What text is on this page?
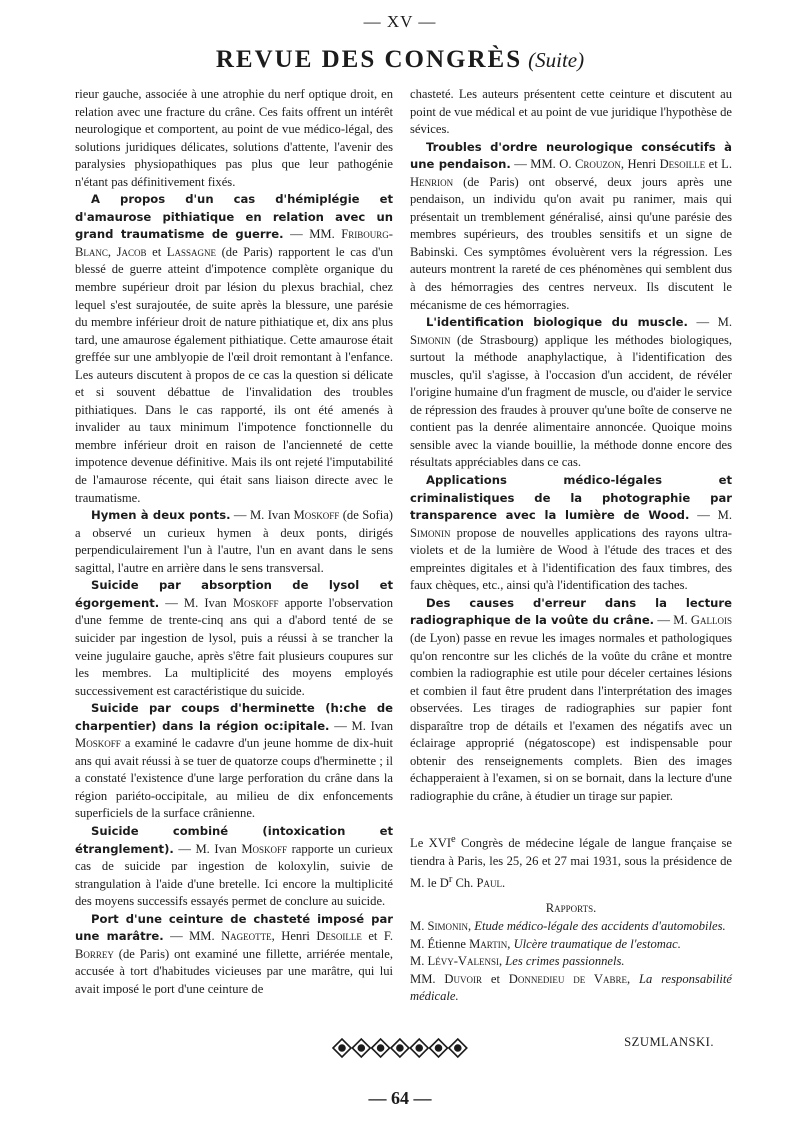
— XV —
REVUE DES CONGRÈS (Suite)

rieur gauche, associée à une atrophie du nerf optique droit, en relation avec une fracture du crâne. Ces faits offrent un intérêt neurologique et comportent, au point de vue médico-légal, des solutions juridiques délicates, solutions d'attente, l'avenir des paralysies physiopathiques pas plus que leur pathogénie n'étant pas définitivement fixés.

A propos d'un cas d'hémiplégie et d'amaurose pithiatique en relation avec un grand traumatisme de guerre. — MM. Fribourg-Blanc, Jacob et Lassagne (de Paris) rapportent le cas d'un blessé de guerre atteint d'impotence complète organique du membre supérieur droit par lésion du plexus brachial, chez lequel s'est surajoutée, de suite après la blessure, une parésie du membre inférieur droit de nature pithiatique et, dix ans plus tard, une amaurose également pithiatique. Cette amaurose était greffée sur une amblyopie de l'œil droit remontant à l'enfance. Les auteurs discutent à propos de ce cas la question si délicate et si souvent débattue de l'invalidation des troubles pithiatiques. Dans le cas rapporté, ils ont été amenés à invalider au taux minimum l'impotence fonctionnelle du membre inférieur droit en raison de l'ancienneté de cette impotence devenue définitive. Mais ils ont rejeté l'imputabilité de l'amaurose récente, qui était sans liaison directe avec le traumatisme.

Hymen à deux ponts. — M. Ivan Moskoff (de Sofia) a observé un curieux hymen à deux ponts, dirigés perpendiculairement l'un à l'autre, l'un en avant dans le sens sagittal, l'autre en arrière dans le sens transversal.

Suicide par absorption de lysol et égorgement. — M. Ivan Moskoff apporte l'observation d'une femme de trente-cinq ans qui a d'abord tenté de se suicider par ingestion de lysol, puis a réussi à se trancher la veine jugulaire gauche, après s'être fait plusieurs coupures sur les membres. La multiplicité des moyens employés successivement est caractéristique du suicide.

Suicide par coups d'herminette (h:che de charpentier) dans la région oc:ipitale. — M. Ivan Moskoff a examiné le cadavre d'un jeune homme de dix-huit ans qui avait réussi à se tuer de quatorze coups d'herminette ; il a constaté l'existence d'une large perforation du crâne dans la région pariéto-occipitale, au milieu de dix enfoncements superficiels de la surface crânienne.

Suicide combiné (intoxication et étranglement). — M. Ivan Moskoff rapporte un curieux cas de suicide par ingestion de koloxylin, suivie de strangulation à l'aide d'une bretelle. Ici encore la multiplicité des moyens successifs essayés permet de conclure au suicide.

Port d'une ceinture de chasteté imposé par une marâtre. — MM. Nageotte, Henri Desoille et F. Borrey (de Paris) ont examiné une fillette, arriérée mentale, accusée à tort d'habitudes vicieuses par une marâtre, qui lui avait imposé le port d'une ceinture de

chasteté. Les auteurs présentent cette ceinture et discutent au point de vue médical et au point de vue juridique l'hypothèse de sévices.

Troubles d'ordre neurologique consécutifs à une pendaison. — MM. O. Crouzon, Henri Desoille et L. Henrion (de Paris) ont observé, deux jours après une pendaison, un individu qu'on avait pu ranimer, mais qui présentait un tremblement généralisé, ainsi qu'une parésie des membres supérieurs, des troubles sensitifs et un signe de Babinski. Ces symptômes évoluèrent vers la régression. Les auteurs montrent la rareté de ces phénomènes qui semblent dus à des hémorragies des centres nerveux. Ils discutent le mécanisme de ces hémorragies.

L'identification biologique du muscle. — M. Simonin (de Strasbourg) applique les méthodes biologiques, surtout la méthode anaphylactique, à l'identification des muscles, qu'il s'agisse, à l'occasion d'un accident, de révéler l'origine humaine d'un fragment de muscle, ou d'aider le service de répression des fraudes à prouver qu'une boîte de conserve ne contient pas la denrée alimentaire annoncée. Quoique moins sensible avec la viande bouillie, la méthode donne encore des résultats appréciables dans ce cas.

Applications médico-légales et criminalistiques de la photographie par transparence avec la lumière de Wood. — M. Simonin propose de nouvelles applications des rayons ultra-violets et de la lumière de Wood à l'étude des traces et des empreintes digitales et à l'identification des faux timbres, des faux chèques, etc., ainsi qu'à l'identification des taches.

Des causes d'erreur dans la lecture radiographique de la voûte du crâne. — M. Gallois (de Lyon) passe en revue les images normales et pathologiques qu'on rencontre sur les clichés de la voûte du crâne et montre combien la radiographie est utile pour déceler certaines lésions et combien il faut être prudent dans l'interprétation des images observées. Les tirages de radiographies sur papier font disparaître trop de détails et l'examen des négatifs avec un éclairage approprié (négatoscope) est indispensable pour obtenir des renseignements complets. Bien des images échapperaient à l'examen, si on se bornait, dans la lecture d'une radiographie du crâne, à étudier un tirage sur papier.

Le XVIe Congrès de médecine légale de langue française se tiendra à Paris, les 25, 26 et 27 mai 1931, sous la présidence de M. le $D^r$ Ch. Paul.

Rapports.

M. Simonin, Etude médico-légale des accidents d'automobiles.

M. Étienne Martin, Ulcère traumatique de l'estomac.

M. Lévy-Valensi, Les crimes passionnels.

MM. Duvoir et Donnedieu de Vabre, La responsabilité médicale.

SZUMLANSKI.

— 64 —
